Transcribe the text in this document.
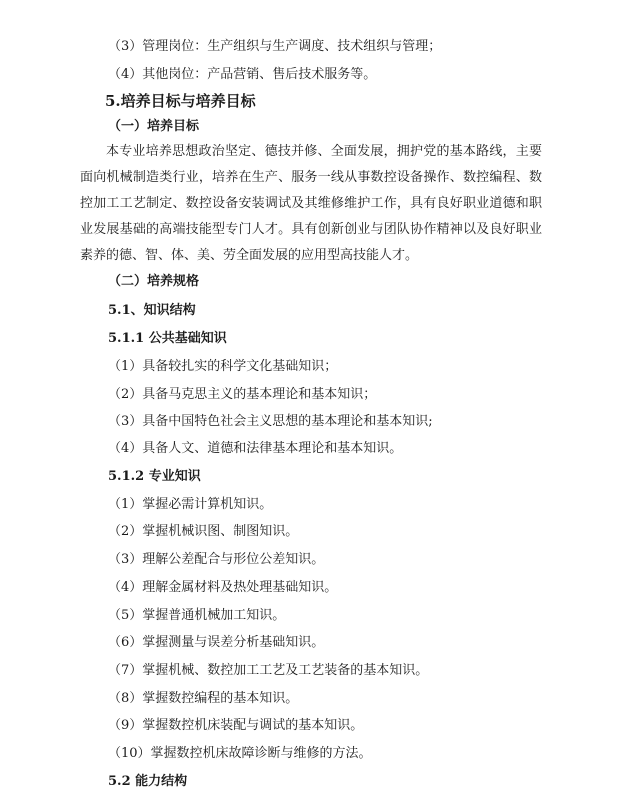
（3）管理岗位：生产组织与生产调度、技术组织与管理；
（4）其他岗位：产品营销、售后技术服务等。
5.培养目标与培养目标
（一）培养目标
本专业培养思想政治坚定、德技并修、全面发展，拥护党的基本路线，主要面向机械制造类行业，培养在生产、服务一线从事数控设备操作、数控编程、数控加工工艺制定、数控设备安装调试及其维修维护工作，具有良好职业道德和职业发展基础的高端技能型专门人才。具有创新创业与团队协作精神以及良好职业素养的德、智、体、美、劳全面发展的应用型高技能人才。
（二）培养规格
5.1、知识结构
5.1.1 公共基础知识
（1）具备较扎实的科学文化基础知识；
（2）具备马克思主义的基本理论和基本知识；
（3）具备中国特色社会主义思想的基本理论和基本知识;
（4）具备人文、道德和法律基本理论和基本知识。
5.1.2 专业知识
（1）掌握必需计算机知识。
（2）掌握机械识图、制图知识。
（3）理解公差配合与形位公差知识。
（4）理解金属材料及热处理基础知识。
（5）掌握普通机械加工知识。
（6）掌握测量与误差分析基础知识。
（7）掌握机械、数控加工工艺及工艺装备的基本知识。
（8）掌握数控编程的基本知识。
（9）掌握数控机床装配与调试的基本知识。
（10）掌握数控机床故障诊断与维修的方法。
5.2 能力结构
